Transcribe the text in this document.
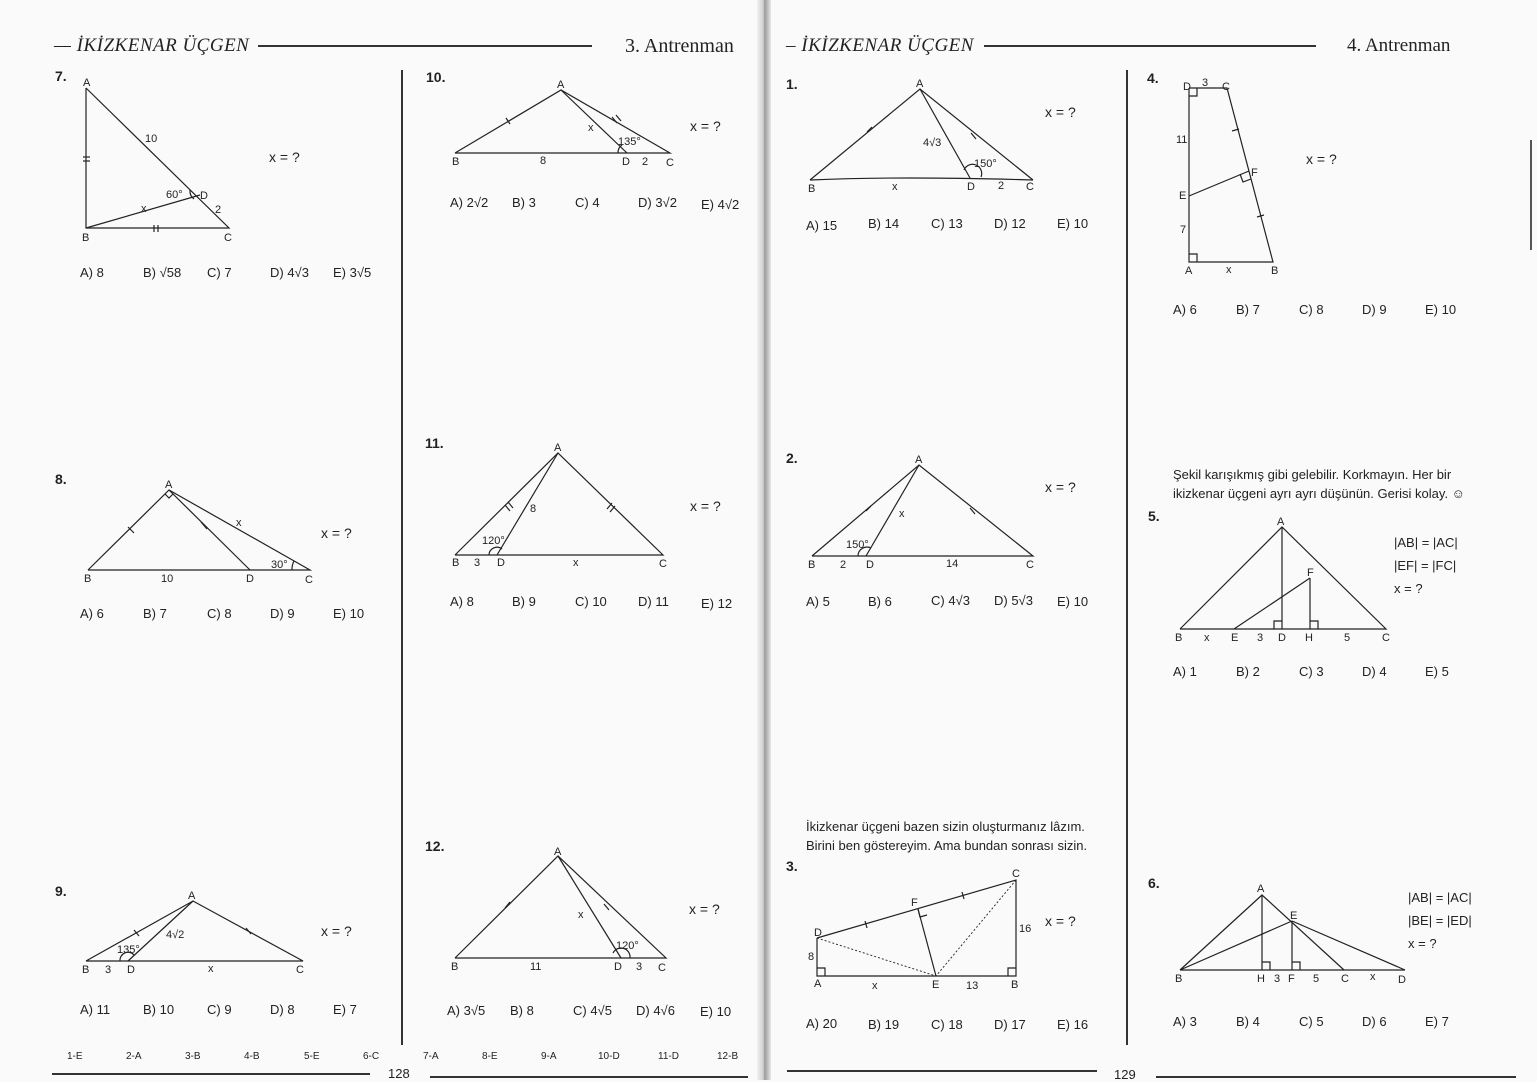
— İKİZKENAR ÜÇGEN	3. Antrenman
7. A
B	C
D
x
10
2
60°
x = ?
A) 8	B) √58 C) 7	D) 4√3 E) 3√5
8.	A
B	C
D
x
10
30°
x = ?
A) 6	B) 7	C) 8	D) 9	E) 10
9.	A
B	C
D	x
3
4√2
135°
x = ?
A) 11	B) 10	C) 9	D) 8	E) 7
10.	A
B	C
D
x
8	2
135°
x = ?
A) 2√2 B) 3	C) 4	D) 3√2 E) 4√2
11.	A
B	C
D	x
3
8
120°
x = ?
A) 8	B) 9	C) 10 D) 11 E) 12
12.	A
B	C
D
x
11	3
120°
x = ?
A) 3√5 B) 8	C) 4√5 D) 4√6 E) 10
1-E	2-A	3-B	4-B	5-E	6-C	7-A	8-E	9-A	10-D	11-D	12-B
128
– İKİZKENAR ÜÇGEN	4. Antrenman
1.	A
B	C
D
x
4√3
2
150°
x = ?
A) 15 B) 14 C) 13 D) 12 E) 10
2.	A
B	C
D
x
2	14
150°
x = ?
A) 5	B) 6	C) 4√3 D) 5√3 E) 10
İkizkenar üçgeni bazen sizin oluşturmanız lâzım.
Birini ben göstereyim. Ama bundan sonrası sizin.
3.
A	B
C
D
E
F
x
8
13
16 x = ?
A) 20 B) 19 C) 18 D) 17 E) 16
4.
A	B
C
D
E
F
x
3
11
7
x = ?
A) 6	B) 7	C) 8	D) 9	E) 10
Şekil karışıkmış gibi gelebilir. Korkmayın. Her bir
ikizkenar üçgeni ayrı ayrı düşünün. Gerisi kolay. ☺
5.	A
B	C
D
E
F
H
x	3	5
|AB| = |AC|
|EF| = |FC|
x = ?
A) 1	B) 2	C) 3	D) 4	E) 5
6.	A
B	C	D
E
F
H	x
3	5
|AB| = |AC|
|BE| = |ED|
x = ?
A) 3	B) 4	C) 5	D) 6	E) 7
129
